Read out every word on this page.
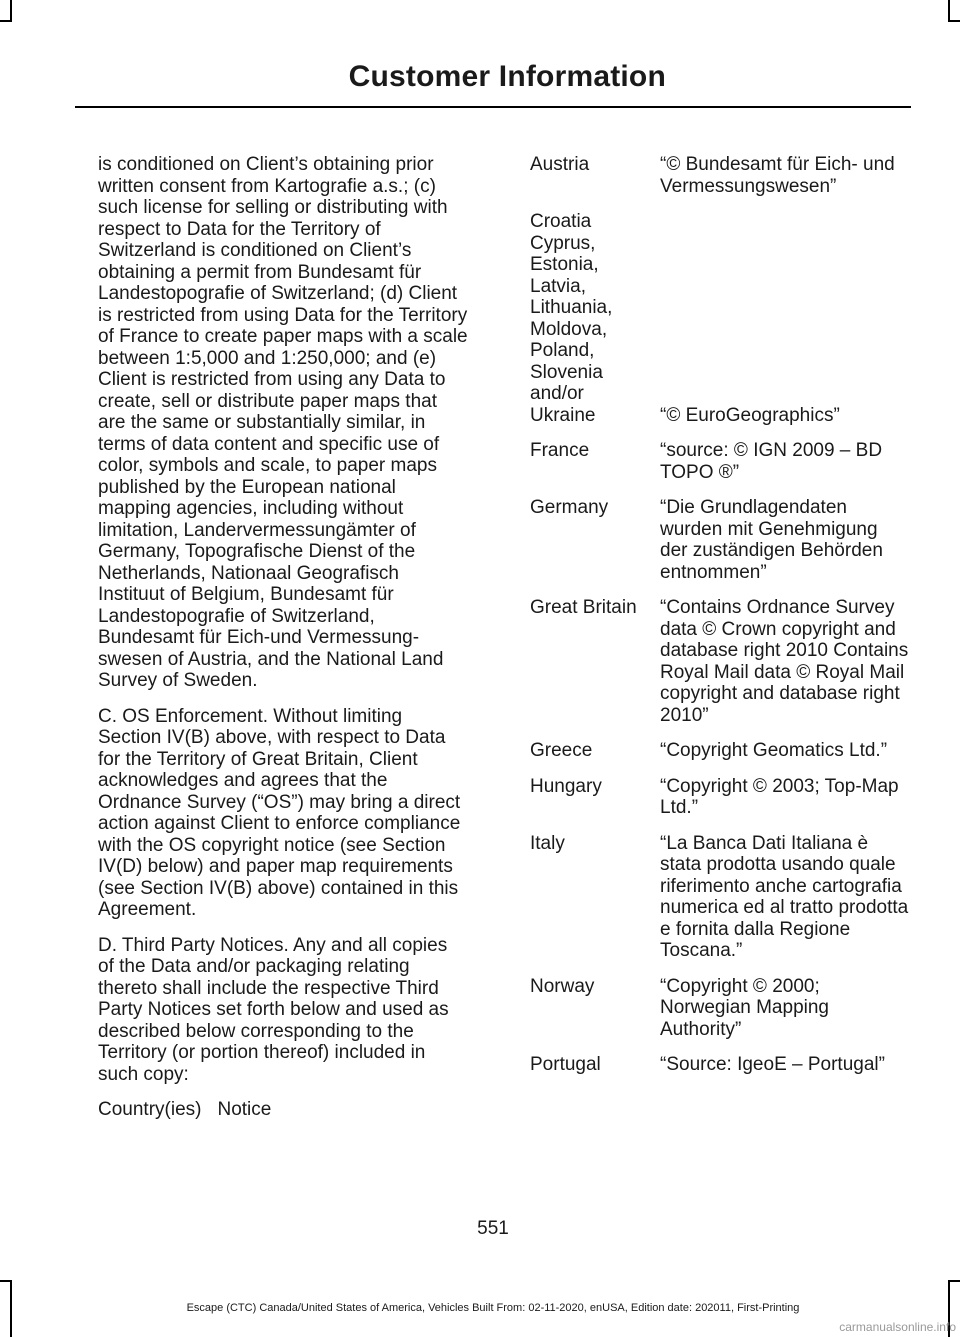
Customer Information

is conditioned on Client’s obtaining prior written consent from Kartografie a.s.; (c) such license for selling or distributing with respect to Data for the Territory of Switzerland is conditioned on Client’s obtaining a permit from Bundesamt für Landestopografie of Switzerland; (d) Client is restricted from using Data for the Territory of France to create paper maps with a scale between 1:5,000 and 1:250,000; and (e) Client is restricted from using any Data to create, sell or distribute paper maps that are the same or substantially similar, in terms of data content and specific use of color, symbols and scale, to paper maps published by the European national mapping agencies, including without limitation, Landervermessungämter of Germany, Topografische Dienst of the Netherlands, Nationaal Geografisch Instituut of Belgium, Bundesamt für Landestopografie of Switzerland, Bundesamt für Eich-und Vermessung-swesen of Austria, and the National Land Survey of Sweden.

C. OS Enforcement. Without limiting Section IV(B) above, with respect to Data for the Territory of Great Britain, Client acknowledges and agrees that the Ordnance Survey (“OS”) may bring a direct action against Client to enforce compliance with the OS copyright notice (see Section IV(D) below) and paper map requirements (see Section IV(B) above) contained in this Agreement.

D. Third Party Notices. Any and all copies of the Data and/or packaging relating thereto shall include the respective Third Party Notices set forth below and used as described below corresponding to the Territory (or portion thereof) included in such copy:

Country(ies) Notice
Austria	“© Bundesamt für Eich- und Vermessungswesen”
Croatia
Cyprus,
Estonia,
Latvia,
Lithuania,
Moldova,
Poland,
Slovenia
and/or
Ukraine	“© EuroGeographics”
France	“source: © IGN 2009 – BD TOPO ®”
Germany	“Die Grundlagendaten wurden mit Genehmigung der zuständigen Behörden entnommen”
Great Britain	“Contains Ordnance Survey data © Crown copyright and database right 2010 Contains Royal Mail data © Royal Mail copyright and database right 2010”
Greece	“Copyright Geomatics Ltd.”
Hungary	“Copyright © 2003; Top-Map Ltd.”
Italy	“La Banca Dati Italiana è stata prodotta usando quale riferimento anche cartografia numerica ed al tratto prodotta e fornita dalla Regione Toscana.”
Norway	“Copyright © 2000; Norwegian Mapping Authority”
Portugal	“Source: IgeoE – Portugal”
551
Escape (CTC) Canada/United States of America, Vehicles Built From: 02-11-2020, enUSA, Edition date: 202011, First-Printing
carmanualsonline.info
